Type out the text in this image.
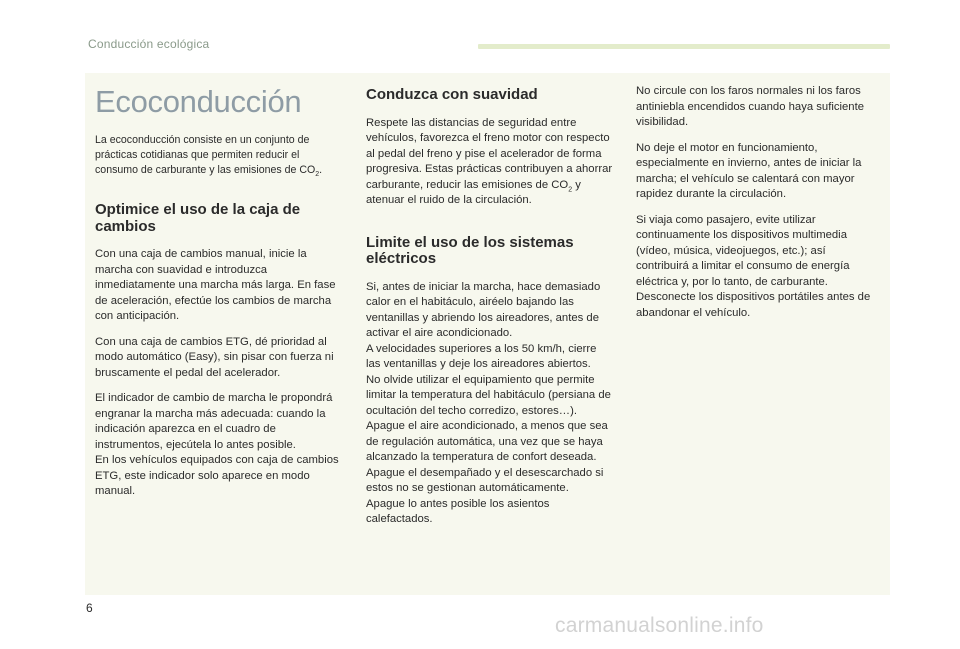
Conducción ecológica
Ecoconducción

La ecoconducción consiste en un conjunto de prácticas cotidianas que permiten reducir el consumo de carburante y las emisiones de $CO_2$.

Optimice el uso de la caja de cambios

Con una caja de cambios manual, inicie la marcha con suavidad e introduzca inmediatamente una marcha más larga. En fase de aceleración, efectúe los cambios de marcha con anticipación.

Con una caja de cambios ETG, dé prioridad al modo automático (Easy), sin pisar con fuerza ni bruscamente el pedal del acelerador.

El indicador de cambio de marcha le propondrá engranar la marcha más adecuada: cuando la indicación aparezca en el cuadro de instrumentos, ejecútela lo antes posible.

En los vehículos equipados con caja de cambios ETG, este indicador solo aparece en modo manual.

Conduzca con suavidad

Respete las distancias de seguridad entre vehículos, favorezca el freno motor con respecto al pedal del freno y pise el acelerador de forma progresiva. Estas prácticas contribuyen a ahorrar carburante, reducir las emisiones de $CO_2$ y atenuar el ruido de la circulación.

Limite el uso de los sistemas eléctricos

Si, antes de iniciar la marcha, hace demasiado calor en el habitáculo, airéelo bajando las ventanillas y abriendo los aireadores, antes de activar el aire acondicionado.

A velocidades superiores a los 50 km/h, cierre las ventanillas y deje los aireadores abiertos.

No olvide utilizar el equipamiento que permite limitar la temperatura del habitáculo (persiana de ocultación del techo corredizo, estores…).

Apague el aire acondicionado, a menos que sea de regulación automática, una vez que se haya alcanzado la temperatura de confort deseada.

Apague el desempañado y el desescarchado si estos no se gestionan automáticamente.

Apague lo antes posible los asientos calefactados.

No circule con los faros normales ni los faros antiniebla encendidos cuando haya suficiente visibilidad.

No deje el motor en funcionamiento, especialmente en invierno, antes de iniciar la marcha; el vehículo se calentará con mayor rapidez durante la circulación.

Si viaja como pasajero, evite utilizar continuamente los dispositivos multimedia (vídeo, música, videojuegos, etc.); así contribuirá a limitar el consumo de energía eléctrica y, por lo tanto, de carburante.

Desconecte los dispositivos portátiles antes de abandonar el vehículo.

6
carmanualsonline.info
